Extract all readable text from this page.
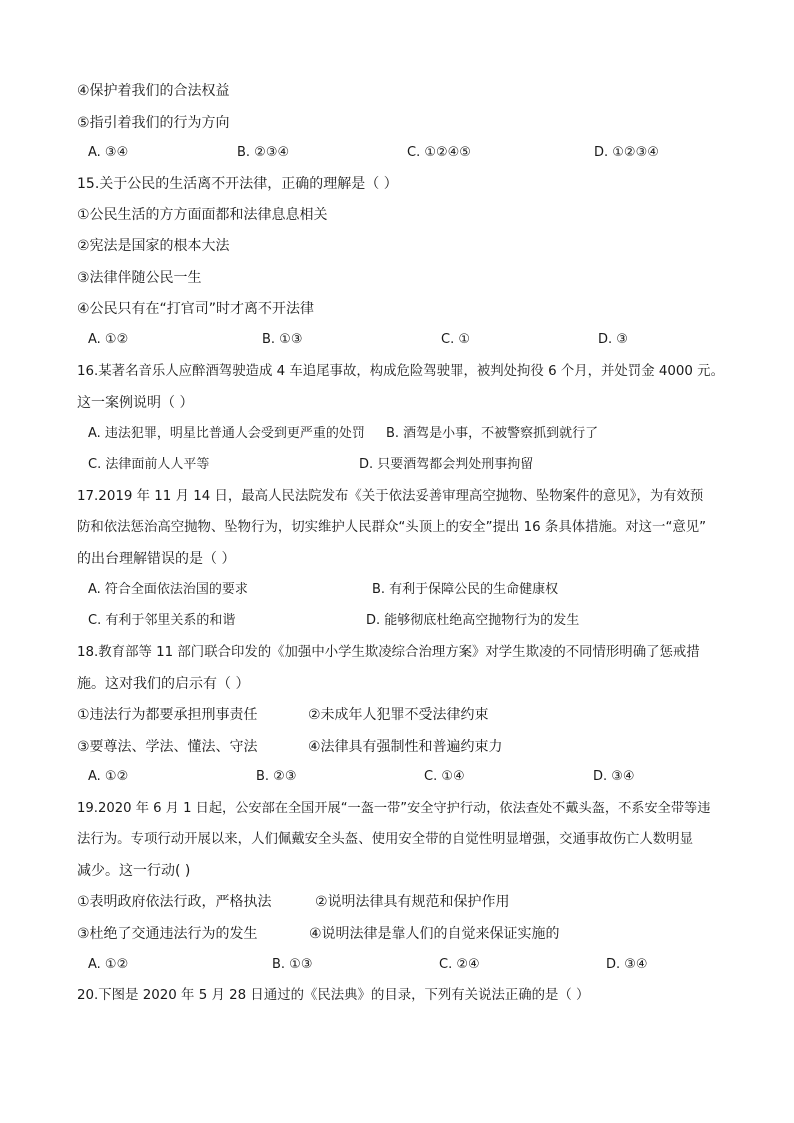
④保护着我们的合法权益
⑤指引着我们的行为方向
A. ③④	B. ②③④	C. ①②④⑤	D. ①②③④
15.关于公民的生活离不开法律，正确的理解是（ ）
①公民生活的方方面面都和法律息息相关
②宪法是国家的根本大法
③法律伴随公民一生
④公民只有在“打官司”时才离不开法律
A. ①②	B. ①③	C. ①	D. ③
16.某著名音乐人应醉酒驾驶造成 4 车追尾事故，构成危险驾驶罪，被判处拘役 6 个月，并处罚金 4000 元。
这一案例说明（ ）
A. 违法犯罪，明星比普通人会受到更严重的处罚 B. 酒驾是小事，不被警察抓到就行了
C. 法律面前人人平等	D. 只要酒驾都会判处刑事拘留
17.2019 年 11 月 14 日，最高人民法院发布《关于依法妥善审理高空抛物、坠物案件的意见》，为有效预
防和依法惩治高空抛物、坠物行为，切实维护人民群众“头顶上的安全”提出 16 条具体措施。对这一“意见”
的出台理解错误的是（ ）
A. 符合全面依法治国的要求	B. 有利于保障公民的生命健康权
C. 有利于邻里关系的和谐	D. 能够彻底杜绝高空抛物行为的发生
18.教育部等 11 部门联合印发的《加强中小学生欺凌综合治理方案》对学生欺凌的不同情形明确了惩戒措
施。这对我们的启示有（ ）
①违法行为都要承担刑事责任	②未成年人犯罪不受法律约束
③要尊法、学法、懂法、守法	④法律具有强制性和普遍约束力
A. ①②	B. ②③	C. ①④	D. ③④
19.2020 年 6 月 1 日起，公安部在全国开展“一盔一带”安全守护行动，依法查处不戴头盔，不系安全带等违
法行为。专项行动开展以来，人们佩戴安全头盔、使用安全带的自觉性明显增强，交通事故伤亡人数明显
减少。这一行动( )
①表明政府依法行政，严格执法	②说明法律具有规范和保护作用
③杜绝了交通违法行为的发生	④说明法律是靠人们的自觉来保证实施的
A. ①②	B. ①③	C. ②④	D. ③④
20.下图是 2020 年 5 月 28 日通过的《民法典》的目录，下列有关说法正确的是（ ）
